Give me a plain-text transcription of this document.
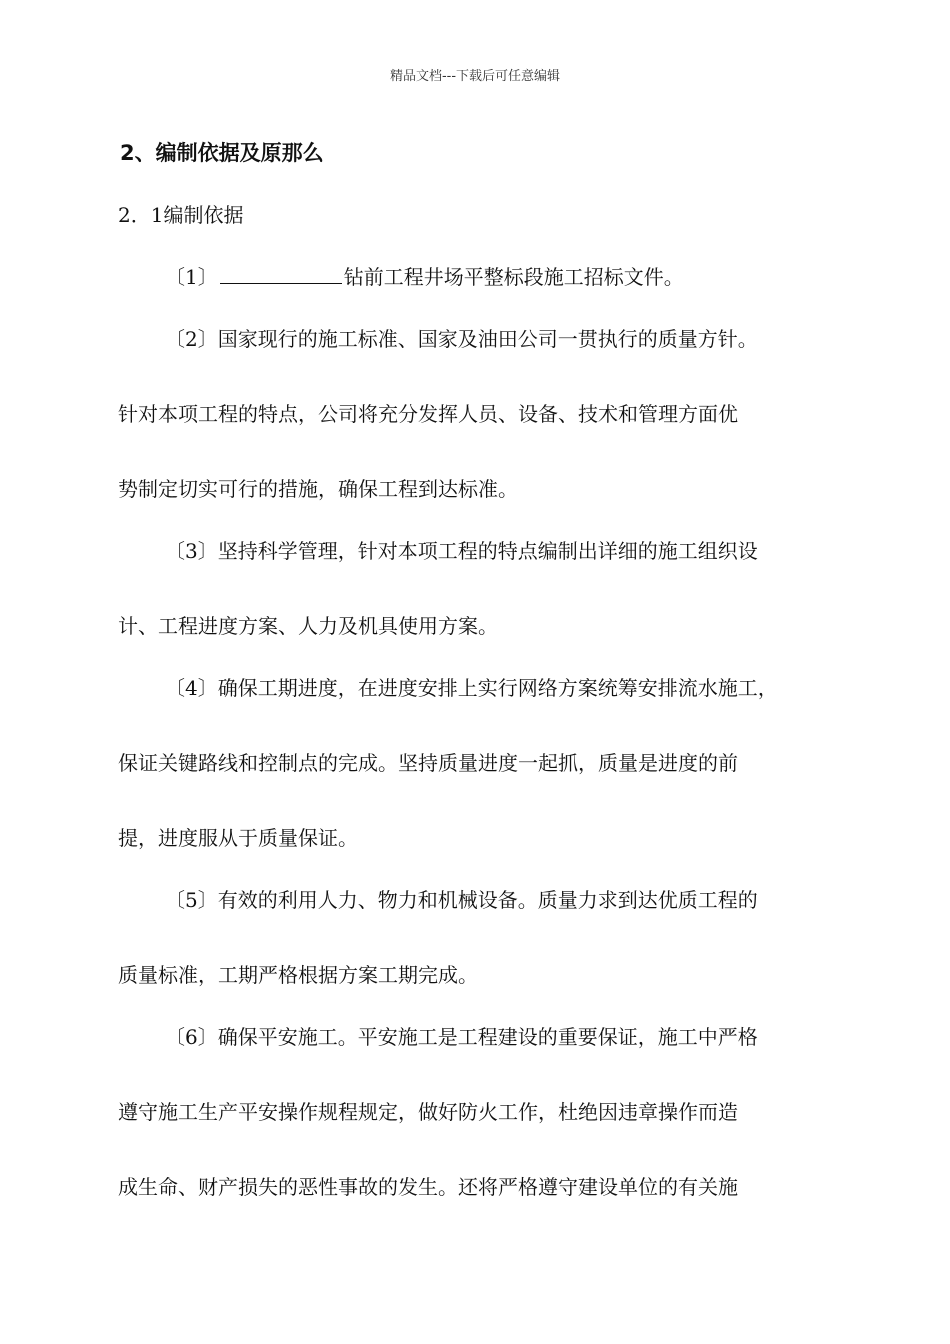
精品文档---下载后可任意编辑
2、编制依据及原那么
2．1编制依据
〔1〕	钻前工程井场平整标段施工招标文件。
〔2〕国家现行的施工标准、国家及油田公司一贯执行的质量方针。
针对本项工程的特点，公司将充分发挥人员、设备、技术和管理方面优
势制定切实可行的措施，确保工程到达标准。
〔3〕坚持科学管理，针对本项工程的特点编制出详细的施工组织设
计、工程进度方案、人力及机具使用方案。
〔4〕确保工期进度，在进度安排上实行网络方案统筹安排流水施工，
保证关键路线和控制点的完成。坚持质量进度一起抓，质量是进度的前
提，进度服从于质量保证。
〔5〕有效的利用人力、物力和机械设备。质量力求到达优质工程的
质量标准，工期严格根据方案工期完成。
〔6〕确保平安施工。平安施工是工程建设的重要保证，施工中严格
遵守施工生产平安操作规程规定，做好防火工作，杜绝因违章操作而造
成生命、财产损失的恶性事故的发生。还将严格遵守建设单位的有关施
